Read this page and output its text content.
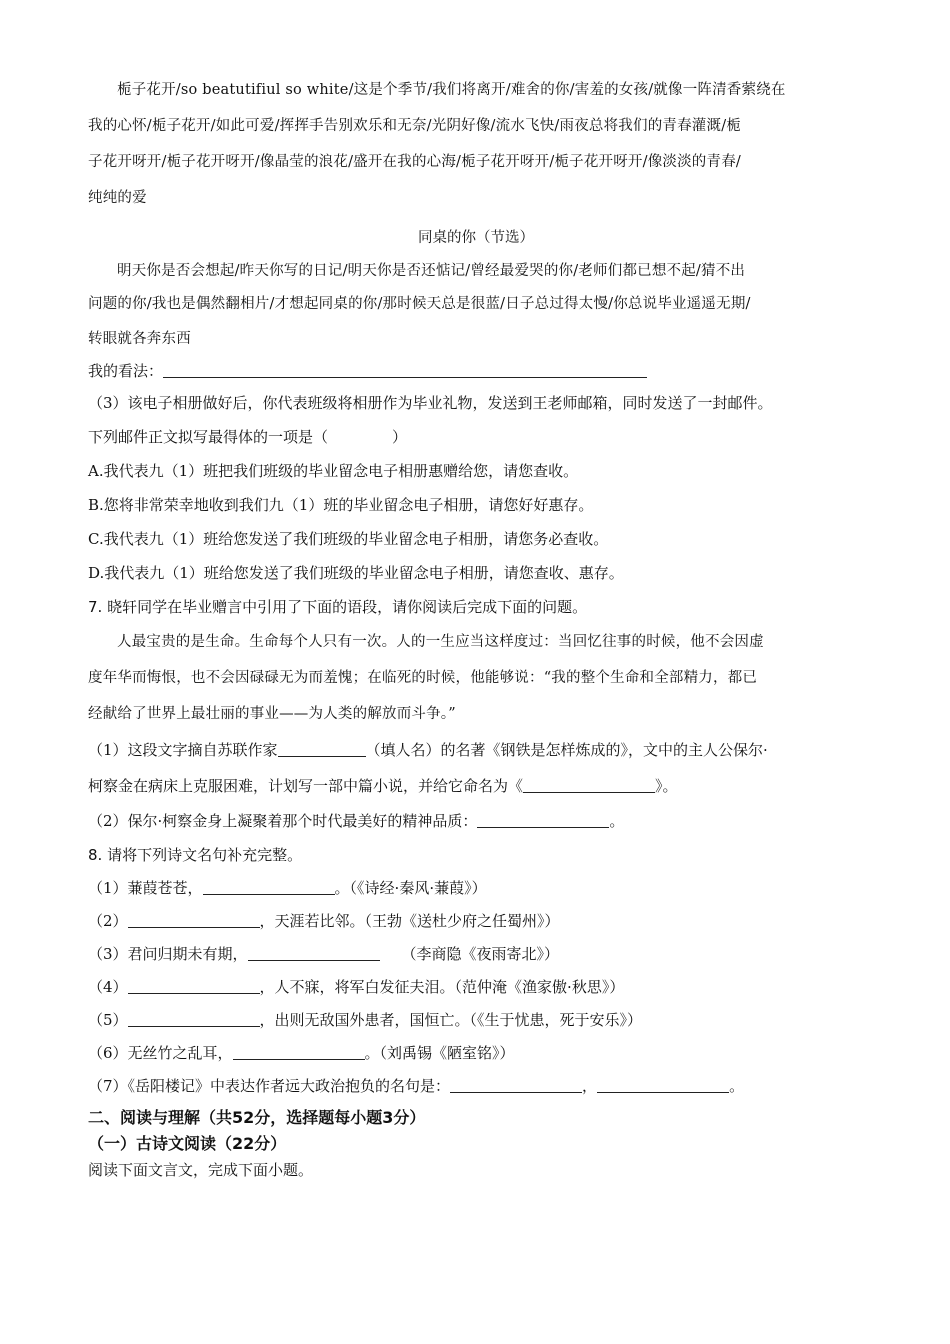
栀子花开/so beatutifiul so white/这是个季节/我们将离开/难舍的你/害羞的女孩/就像一阵清香萦绕在

我的心怀/栀子花开/如此可爱/挥挥手告别欢乐和无奈/光阴好像/流水飞快/雨夜总将我们的青春灌溉/栀

子花开呀开/栀子花开呀开/像晶莹的浪花/盛开在我的心海/栀子花开呀开/栀子花开呀开/像淡淡的青春/

纯纯的爱

同桌的你（节选）

明天你是否会想起/昨天你写的日记/明天你是否还惦记/曾经最爱哭的你/老师们都已想不起/猜不出

问题的你/我也是偶然翻相片/才想起同桌的你/那时候天总是很蓝/日子总过得太慢/你总说毕业遥遥无期/

转眼就各奔东西

我的看法：

（3）该电子相册做好后，你代表班级将相册作为毕业礼物，发送到王老师邮箱，同时发送了一封邮件。

下列邮件正文拟写最得体的一项是（	）

A.我代表九（1）班把我们班级的毕业留念电子相册惠赠给您，请您查收。

B.您将非常荣幸地收到我们九（1）班的毕业留念电子相册，请您好好惠存。

C.我代表九（1）班给您发送了我们班级的毕业留念电子相册，请您务必查收。

D.我代表九（1）班给您发送了我们班级的毕业留念电子相册，请您查收、惠存。

7. 晓轩同学在毕业赠言中引用了下面的语段，请你阅读后完成下面的问题。

人最宝贵的是生命。生命每个人只有一次。人的一生应当这样度过：当回忆往事的时候，他不会因虚

度年华而悔恨，也不会因碌碌无为而羞愧；在临死的时候，他能够说：“我的整个生命和全部精力，都已

经献给了世界上最壮丽的事业——为人类的解放而斗争。”

（1）这段文字摘自苏联作家	（填人名）的名著《钢铁是怎样炼成的》，文中的主人公保尔·

柯察金在病床上克服困难，计划写一部中篇小说，并给它命名为《	》。

（2）保尔·柯察金身上凝聚着那个时代最美好的精神品质：	。

8. 请将下列诗文名句补充完整。

（1）蒹葭苍苍，	。（《诗经·秦风·蒹葭》）

（2）	，天涯若比邻。（王勃《送杜少府之任蜀州》）

（3）君问归期未有期，	（李商隐《夜雨寄北》）

（4）	，人不寐，将军白发征夫泪。（范仲淹《渔家傲·秋思》）

（5）	，出则无敌国外患者，国恒亡。（《生于忧患，死于安乐》）

（6）无丝竹之乱耳，	。（刘禹锡《陋室铭》）

（7）《岳阳楼记》中表达作者远大政治抱负的名句是：	，	。

二、阅读与理解（共52分，选择题每小题3分）

（一）古诗文阅读（22分）

阅读下面文言文，完成下面小题。
